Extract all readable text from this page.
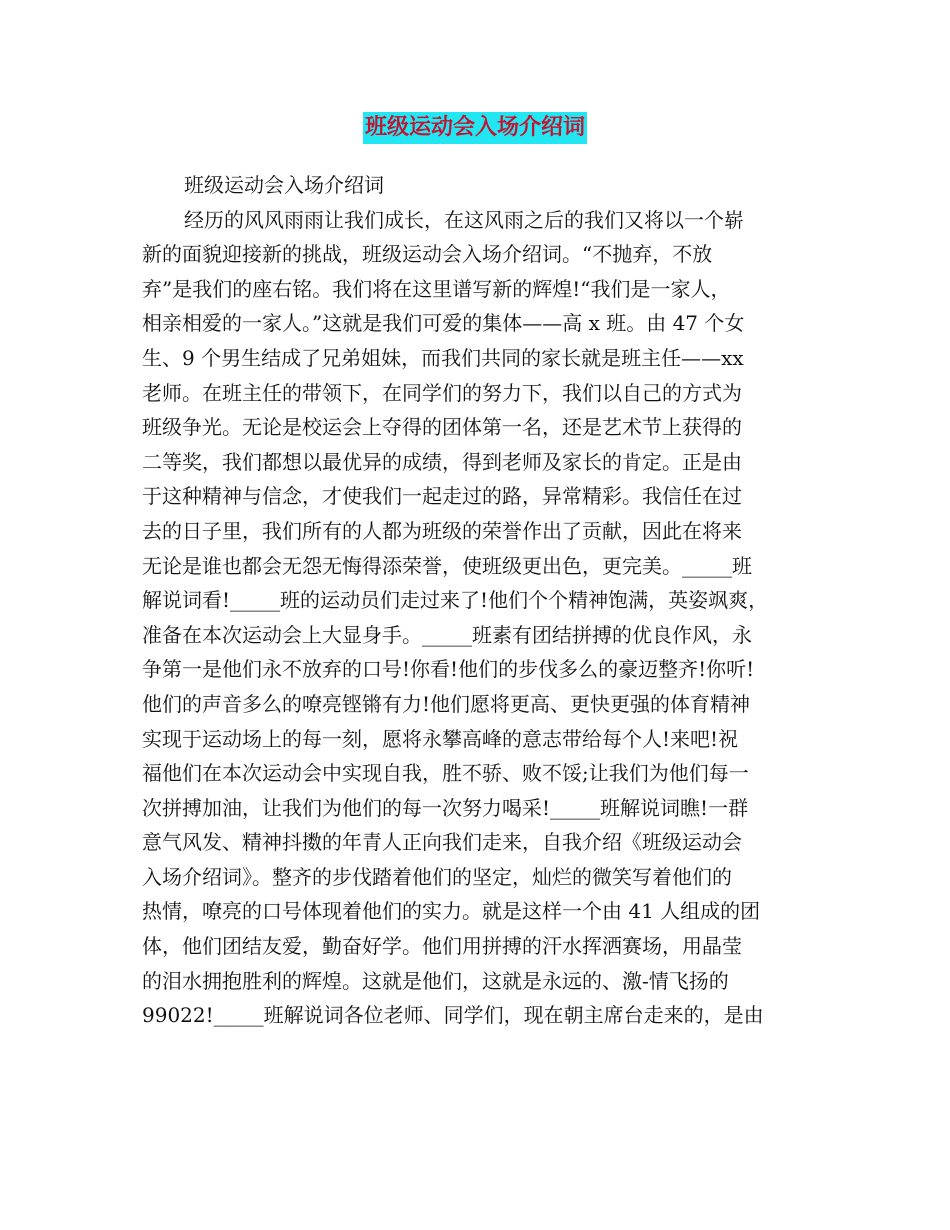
班级运动会入场介绍词
班级运动会入场介绍词
经历的风风雨雨让我们成长，在这风雨之后的我们又将以一个崭
新的面貌迎接新的挑战，班级运动会入场介绍词。“不抛弃，不放
弃”是我们的座右铭。我们将在这里谱写新的辉煌!“我们是一家人，
相亲相爱的一家人。”这就是我们可爱的集体——高 x 班。由 47 个女
生、9 个男生结成了兄弟姐妹，而我们共同的家长就是班主任——xx
老师。在班主任的带领下，在同学们的努力下，我们以自己的方式为
班级争光。无论是校运会上夺得的团体第一名，还是艺术节上获得的
二等奖，我们都想以最优异的成绩，得到老师及家长的肯定。正是由
于这种精神与信念，才使我们一起走过的路，异常精彩。我信任在过
去的日子里，我们所有的人都为班级的荣誉作出了贡献，因此在将来
无论是谁也都会无怨无悔得添荣誉，使班级更出色，更完美。_____班
解说词看!_____班的运动员们走过来了!他们个个精神饱满，英姿飒爽，
准备在本次运动会上大显身手。_____班素有团结拼搏的优良作风，永
争第一是他们永不放弃的口号!你看!他们的步伐多么的豪迈整齐!你听!
他们的声音多么的嘹亮铿锵有力!他们愿将更高、更快更强的体育精神
实现于运动场上的每一刻，愿将永攀高峰的意志带给每个人!来吧!祝
福他们在本次运动会中实现自我，胜不骄、败不馁;让我们为他们每一
次拼搏加油，让我们为他们的每一次努力喝采!_____班解说词瞧!一群
意气风发、精神抖擞的年青人正向我们走来，自我介绍《班级运动会
入场介绍词》。整齐的步伐踏着他们的坚定，灿烂的微笑写着他们的
热情，嘹亮的口号体现着他们的实力。就是这样一个由 41 人组成的团
体，他们团结友爱，勤奋好学。他们用拼搏的汗水挥洒赛场，用晶莹
的泪水拥抱胜利的辉煌。这就是他们，这就是永远的、激-情飞扬的
99022!_____班解说词各位老师、同学们，现在朝主席台走来的，是由
